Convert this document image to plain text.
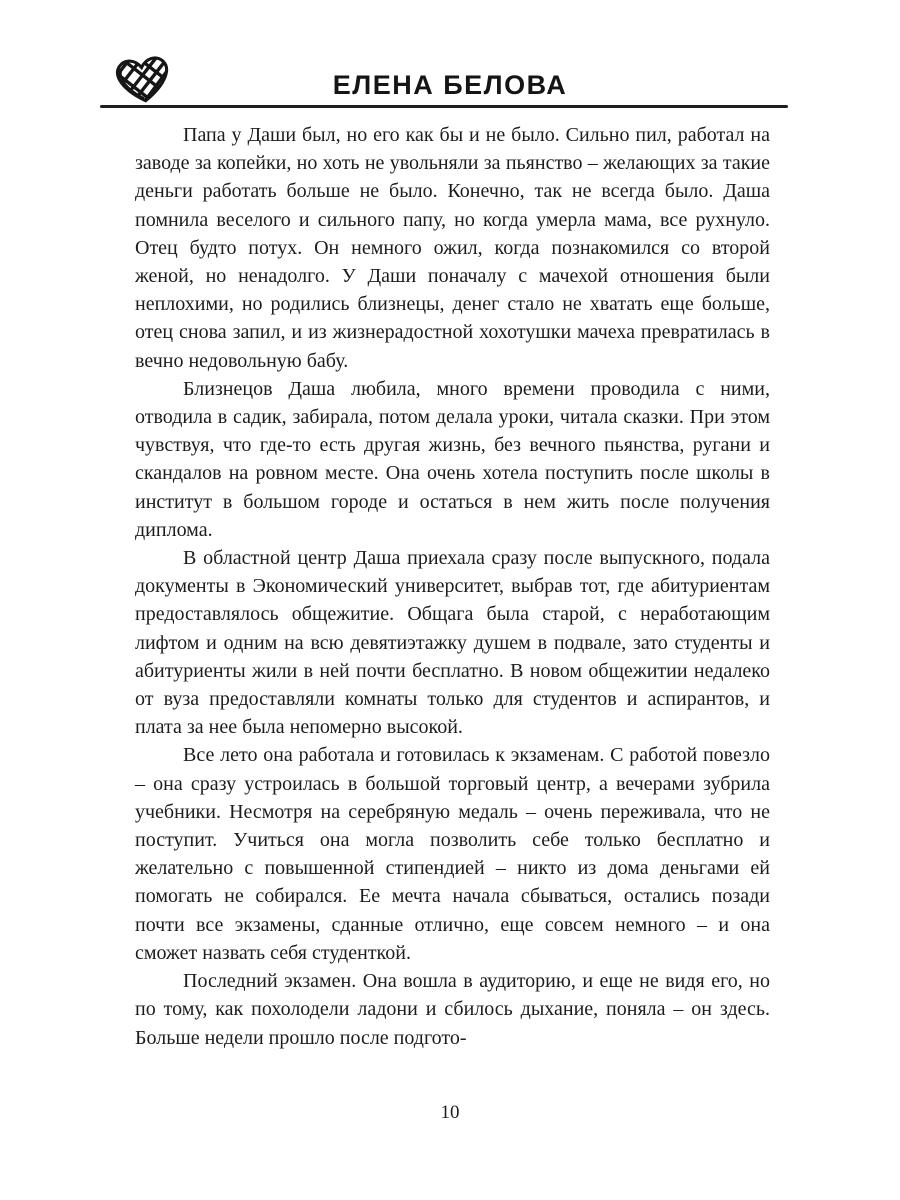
ЕЛЕНА БЕЛОВА

Папа у Даши был, но его как бы и не было. Сильно пил, работал на заводе за копейки, но хоть не увольняли за пьянство – желающих за такие деньги работать больше не было. Конечно, так не всегда было. Даша помнила веселого и сильного папу, но когда умерла мама, все рухнуло. Отец будто потух. Он немного ожил, когда познакомился со второй женой, но ненадолго. У Даши поначалу с мачехой отношения были неплохими, но родились близнецы, денег стало не хватать еще больше, отец снова запил, и из жизнерадостной хохотушки мачеха превратилась в вечно недовольную бабу.

Близнецов Даша любила, много времени проводила с ними, отводила в садик, забирала, потом делала уроки, читала сказки. При этом чувствуя, что где-то есть другая жизнь, без вечного пьянства, ругани и скандалов на ровном месте. Она очень хотела поступить после школы в институт в большом городе и остаться в нем жить после получения диплома.

В областной центр Даша приехала сразу после выпускного, подала документы в Экономический университет, выбрав тот, где абитуриентам предоставлялось общежитие. Общага была старой, с неработающим лифтом и одним на всю девятиэтажку душем в подвале, зато студенты и абитуриенты жили в ней почти бесплатно. В новом общежитии недалеко от вуза предоставляли комнаты только для студентов и аспирантов, и плата за нее была непомерно высокой.

Все лето она работала и готовилась к экзаменам. С работой повезло – она сразу устроилась в большой торговый центр, а вечерами зубрила учебники. Несмотря на серебряную медаль – очень переживала, что не поступит. Учиться она могла позволить себе только бесплатно и желательно с повышенной стипендией – никто из дома деньгами ей помогать не собирался. Ее мечта начала сбываться, остались позади почти все экзамены, сданные отлично, еще совсем немного – и она сможет назвать себя студенткой.

Последний экзамен. Она вошла в аудиторию, и еще не видя его, но по тому, как похолодели ладони и сбилось дыхание, поняла – он здесь. Больше недели прошло после подгото-

10
